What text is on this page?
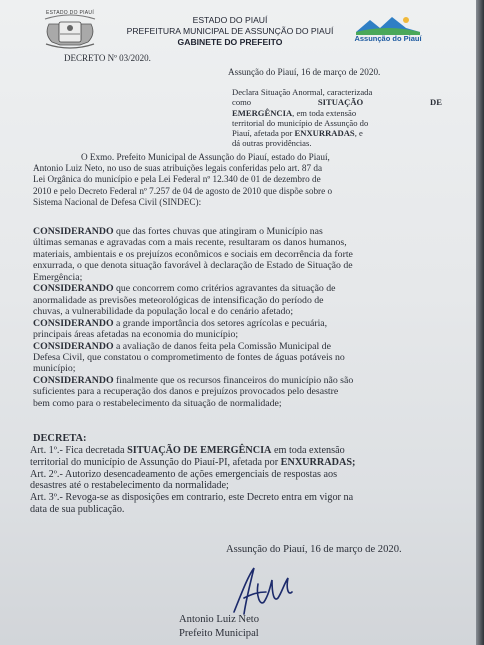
ESTADO DO PIAUÍ
ESTADO DO PIAUÍ
PREFEITURA MUNICIPAL DE ASSUNÇÃO DO PIAUÍ
GABINETE DO PREFEITO	Assunção do Piauí
DECRETO Nº 03/2020.
Assunção do Piauí, 16 de março de 2020.
Declara Situação Anormal, caracterizada
como	SITUAÇÃO	DE
EMERGÊNCIA, em toda extensão
territorial do município de Assunção do
Piauí, afetada por ENXURRADAS, e
dá outras providências.
O Exmo. Prefeito Municipal de Assunção do Piauí, estado do Piauí,
Antonio Luiz Neto, no uso de suas atribuições legais conferidas pelo art. 87 da
Lei Orgânica do município e pela Lei Federal nº 12.340 de 01 de dezembro de
2010 e pelo Decreto Federal nº 7.257 de 04 de agosto de 2010 que dispõe sobre o
Sistema Nacional de Defesa Civil (SINDEC):
CONSIDERANDO que das fortes chuvas que atingiram o Município nas
últimas semanas e agravadas com a mais recente, resultaram os danos humanos,
materiais, ambientais e os prejuízos econômicos e sociais em decorrência da forte
enxurrada, o que denota situação favorável à declaração de Estado de Situação de
Emergência;
CONSIDERANDO que concorrem como critérios agravantes da situação de
anormalidade as previsões meteorológicas de intensificação do período de
chuvas, a vulnerabilidade da população local e do cenário afetado;
CONSIDERANDO a grande importância dos setores agrícolas e pecuária,
principais áreas afetadas na economia do município;
CONSIDERANDO a avaliação de danos feita pela Comissão Municipal de
Defesa Civil, que constatou o comprometimento de fontes de águas potáveis no
município;
CONSIDERANDO finalmente que os recursos financeiros do município não são
suficientes para a recuperação dos danos e prejuízos provocados pelo desastre
bem como para o restabelecimento da situação de normalidade;
DECRETA:
Art. 1º.- Fica decretada SITUAÇÃO DE EMERGÊNCIA em toda extensão
territorial do município de Assunção do Piauí-PI, afetada por ENXURRADAS;
Art. 2º.- Autorizo desencadeamento de ações emergenciais de respostas aos
desastres até o restabelecimento da normalidade;
Art. 3º.- Revoga-se as disposições em contrario, este Decreto entra em vigor na
data de sua publicação.
Assunção do Piauí, 16 de março de 2020.
Antonio Luiz Neto
Prefeito Municipal
